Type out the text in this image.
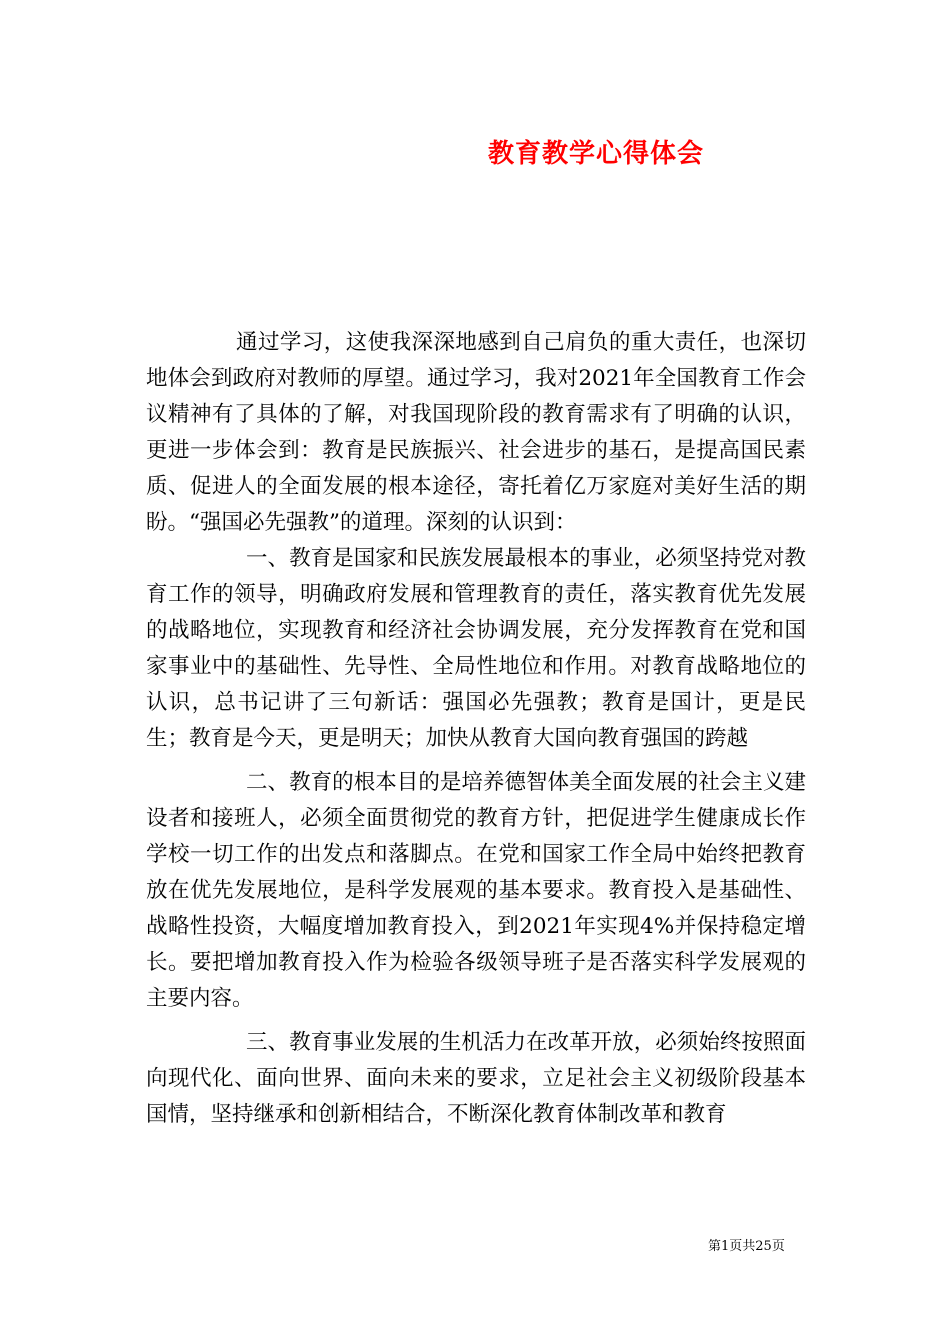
教育教学心得体会

通过学习，这使我深深地感到自己肩负的重大责任，也深切地体会到政府对教师的厚望。通过学习，我对2021年全国教育工作会议精神有了具体的了解，对我国现阶段的教育需求有了明确的认识，更进一步体会到：教育是民族振兴、社会进步的基石，是提高国民素质、促进人的全面发展的根本途径，寄托着亿万家庭对美好生活的期盼。“强国必先强教”的道理。深刻的认识到：

一、教育是国家和民族发展最根本的事业，必须坚持党对教育工作的领导，明确政府发展和管理教育的责任，落实教育优先发展的战略地位，实现教育和经济社会协调发展，充分发挥教育在党和国家事业中的基础性、先导性、全局性地位和作用。对教育战略地位的认识，总书记讲了三句新话：强国必先强教；教育是国计，更是民生；教育是今天，更是明天；加快从教育大国向教育强国的跨越

二、教育的根本目的是培养德智体美全面发展的社会主义建设者和接班人，必须全面贯彻党的教育方针，把促进学生健康成长作学校一切工作的出发点和落脚点。在党和国家工作全局中始终把教育放在优先发展地位，是科学发展观的基本要求。教育投入是基础性、战略性投资，大幅度增加教育投入，到2021年实现4%并保持稳定增长。要把增加教育投入作为检验各级领导班子是否落实科学发展观的主要内容。

三、教育事业发展的生机活力在改革开放，必须始终按照面向现代化、面向世界、面向未来的要求，立足社会主义初级阶段基本国情，坚持继承和创新相结合，不断深化教育体制改革和教育

第1页共25页
